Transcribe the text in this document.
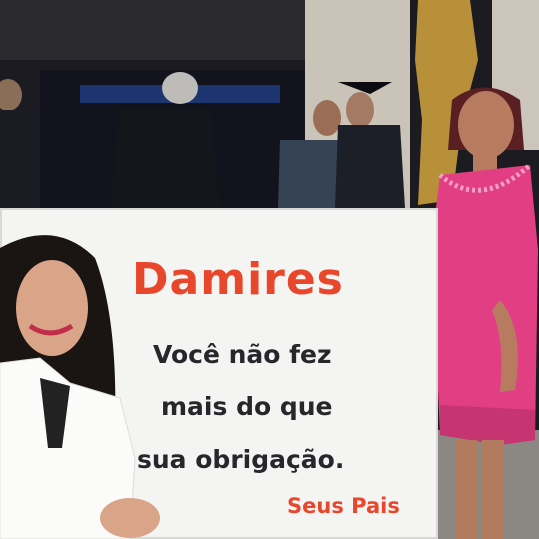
Damires
Você não fez
mais do que
sua obrigação.
Seus Pais
